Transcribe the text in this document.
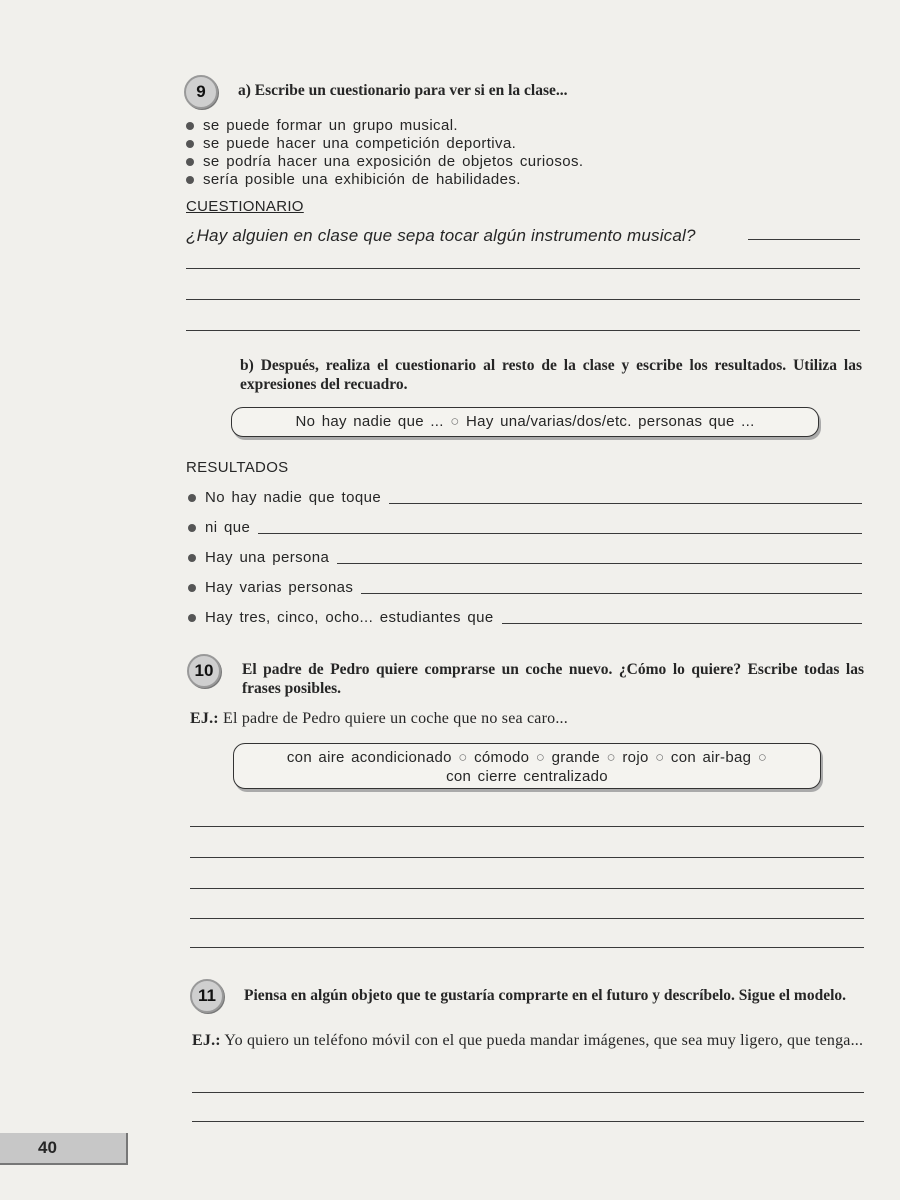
9	a) Escribe un cuestionario para ver si en la clase...
se puede formar un grupo musical.
se puede hacer una competición deportiva.
se podría hacer una exposición de objetos curiosos.
sería posible una exhibición de habilidades.
CUESTIONARIO
¿Hay alguien en clase que sepa tocar algún instrumento musical?
b) Después, realiza el cuestionario al resto de la clase y escribe los resultados. Utiliza las expresiones del recuadro.
No hay nadie que ... ○ Hay una/varias/dos/etc. personas que ...
RESULTADOS
No hay nadie que toque
ni que
Hay una persona
Hay varias personas
Hay tres, cinco, ocho... estudiantes que
10	El padre de Pedro quiere comprarse un coche nuevo. ¿Cómo lo quiere? Escribe todas las frases posibles.
EJ.: El padre de Pedro quiere un coche que no sea caro...
con aire acondicionado ○ cómodo ○ grande ○ rojo ○ con air-bag ○
con cierre centralizado
11	Piensa en algún objeto que te gustaría comprarte en el futuro y descríbelo. Sigue el modelo.
EJ.: Yo quiero un teléfono móvil con el que pueda mandar imágenes, que sea muy ligero, que tenga...
40
